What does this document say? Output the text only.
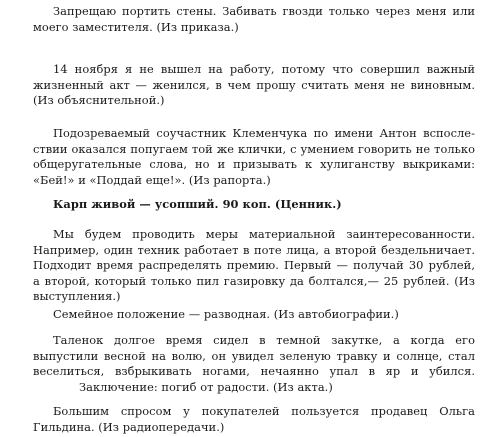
Запрещаю портить стены. Забивать гвозди только через меня или
моего заместителя. (Из приказа.)

14 ноября я не вышел на работу, потому что совершил важный
жизненный акт — женился, в чем прошу считать меня не виновным.
(Из объяснительной.)

Подозреваемый соучастник Клеменчука по имени Антон вспосле-
ствии оказался попугаем той же клички, с умением говорить не только
общеругательные слова, но и призывать к хулиганству выкриками:
«Бей!» и «Поддай еще!». (Из рапорта.)

Карп живой — усопший. 90 коп. (Ценник.)

Мы будем проводить меры материальной заинтересованности.
Например, один техник работает в поте лица, а второй бездельничает.
Подходит время распределять премию. Первый — получай 30 рублей,
а второй, который только пил газировку да болтался,— 25 рублей. (Из
выступления.)

Семейное положение — разводная. (Из автобиографии.)

Таленок долгое время сидел в темной закутке, а когда его
выпустили весной на волю, он увидел зеленую травку и солнце, стал
веселиться, взбрыкивать ногами, нечаянно упал в яр и убился.
Заключение: погиб от радости. (Из акта.)

Большим спросом у покупателей пользуется продавец Ольга
Гильдина. (Из радиопередачи.)
